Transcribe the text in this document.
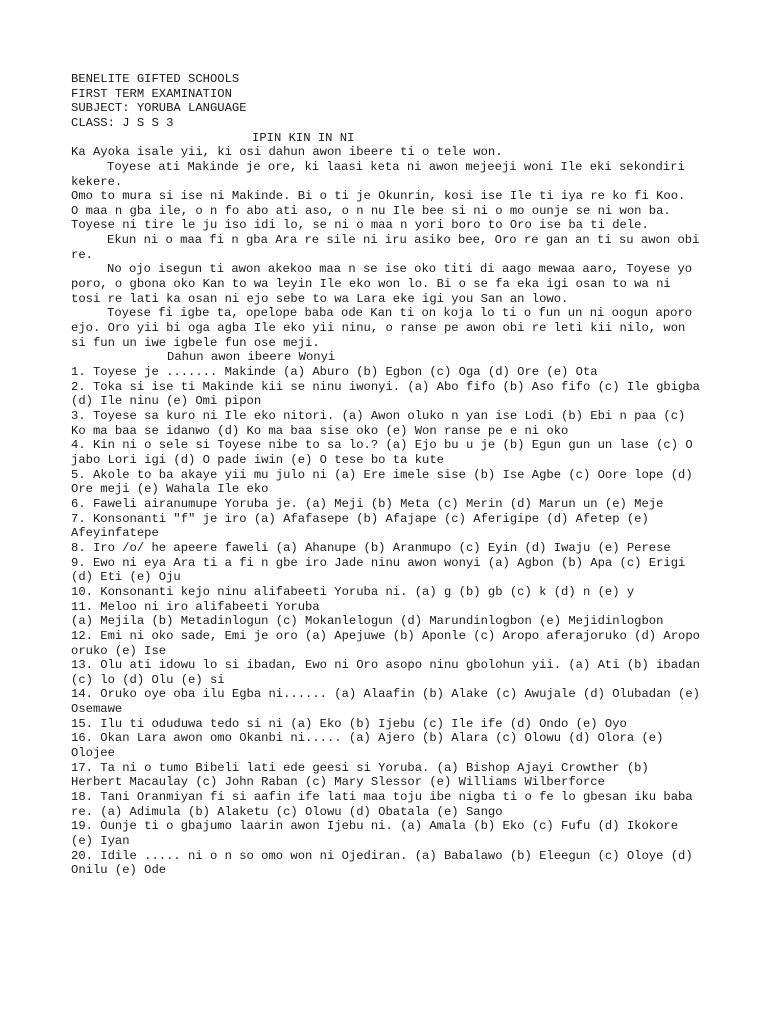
BENELITE GIFTED SCHOOLS
FIRST TERM EXAMINATION
SUBJECT: YORUBA LANGUAGE
CLASS: J S S 3
IPIN KIN IN NI
Ka Ayoka isale yii, ki osi dahun awon ibeere ti o tele won.
Toyese ati Makinde je ore, ki laasi keta ni awon mejeeji woni Ile eki sekondiri kekere.
Omo to mura si ise ni Makinde. Bi o ti je Okunrin, kosi ise Ile ti iya re ko fi Koo.
O maa n gba ile, o n fo abo ati aso, o n nu Ile bee si ni o mo ounje se ni won ba. Toyese ni tire le ju iso idi lo, se ni o maa n yori boro to Oro ise ba ti dele.
Ekun ni o maa fi n gba Ara re sile ni iru asiko bee, Oro re gan an ti su awon obi re.
No ojo isegun ti awon akekoo maa n se ise oko titi di aago mewaa aaro, Toyese yo poro, o gbona oko Kan to wa leyin Ile eko won lo. Bi o se fa eka igi osan to wa ni tosi re lati ka osan ni ejo sebe to wa Lara eke igi you San an lowo.
Toyese fi igbe ta, opelope baba ode Kan ti on koja lo ti o fun un ni oogun aporo ejo. Oro yii bi oga agba Ile eko yii ninu, o ranse pe awon obi re leti kii nilo, won si fun un iwe igbele fun ose meji.
Dahun awon ibeere Wonyi
1. Toyese je ....... Makinde (a) Aburo (b) Egbon (c) Oga (d) Ore (e) Ota
2. Toka si ise ti Makinde kii se ninu iwonyi. (a) Abo fifo (b) Aso fifo (c) Ile gbigba (d) Ile ninu (e) Omi pipon
3. Toyese sa kuro ni Ile eko nitori. (a) Awon oluko n yan ise Lodi (b) Ebi n paa (c) Ko ma baa se idanwo (d) Ko ma baa sise oko (e) Won ranse pe e ni oko
4. Kin ni o sele si Toyese nibe to sa lo.? (a) Ejo bu u je (b) Egun gun un lase (c) O jabo Lori igi (d) O pade iwin (e) O tese bo ta kute
5. Akole to ba akaye yii mu julo ni (a) Ere imele sise (b) Ise Agbe (c) Oore lope (d) Ore meji (e) Wahala Ile eko
6. Faweli airanumupe Yoruba je. (a) Meji (b) Meta (c) Merin (d) Marun un (e) Meje
7. Konsonanti "f" je iro (a) Afafasepe (b) Afajape (c) Aferigipe (d) Afetep (e) Afeyinfatepe
8. Iro /o/ he apeere faweli (a) Ahanupe (b) Aranmupo (c) Eyin (d) Iwaju (e) Perese
9. Ewo ni eya Ara ti a fi n gbe iro Jade ninu awon wonyi (a) Agbon (b) Apa (c) Erigi (d) Eti (e) Oju
10. Konsonanti kejo ninu alifabeeti Yoruba ni. (a) g (b) gb (c) k (d) n (e) y
11. Meloo ni iro alifabeeti Yoruba
(a) Mejila (b) Metadinlogun (c) Mokanlelogun (d) Marundinlogbon (e) Mejidinlogbon
12. Emi ni oko sade, Emi je oro (a) Apejuwe (b) Aponle (c) Aropo aferajoruko (d) Aropo oruko (e) Ise
13. Olu ati idowu lo si ibadan, Ewo ni Oro asopo ninu gbolohun yii. (a) Ati (b) ibadan (c) lo (d) Olu (e) si
14. Oruko oye oba ilu Egba ni...... (a) Alaafin (b) Alake (c) Awujale (d) Olubadan (e) Osemawe
15. Ilu ti oduduwa tedo si ni (a) Eko (b) Ijebu (c) Ile ife (d) Ondo (e) Oyo
16. Okan Lara awon omo Okanbi ni..... (a) Ajero (b) Alara (c) Olowu (d) Olora (e) Olojee
17. Ta ni o tumo Bibeli lati ede geesi si Yoruba. (a) Bishop Ajayi Crowther (b) Herbert Macaulay (c) John Raban (c) Mary Slessor (e) Williams Wilberforce
18. Tani Oranmiyan fi si aafin ife lati maa toju ibe nigba ti o fe lo gbesan iku baba re. (a) Adimula (b) Alaketu (c) Olowu (d) Obatala (e) Sango
19. Ounje ti o gbajumo laarin awon Ijebu ni. (a) Amala (b) Eko (c) Fufu (d) Ikokore (e) Iyan
20. Idile ..... ni o n so omo won ni Ojediran. (a) Babalawo (b) Eleegun (c) Oloye (d) Onilu (e) Ode
